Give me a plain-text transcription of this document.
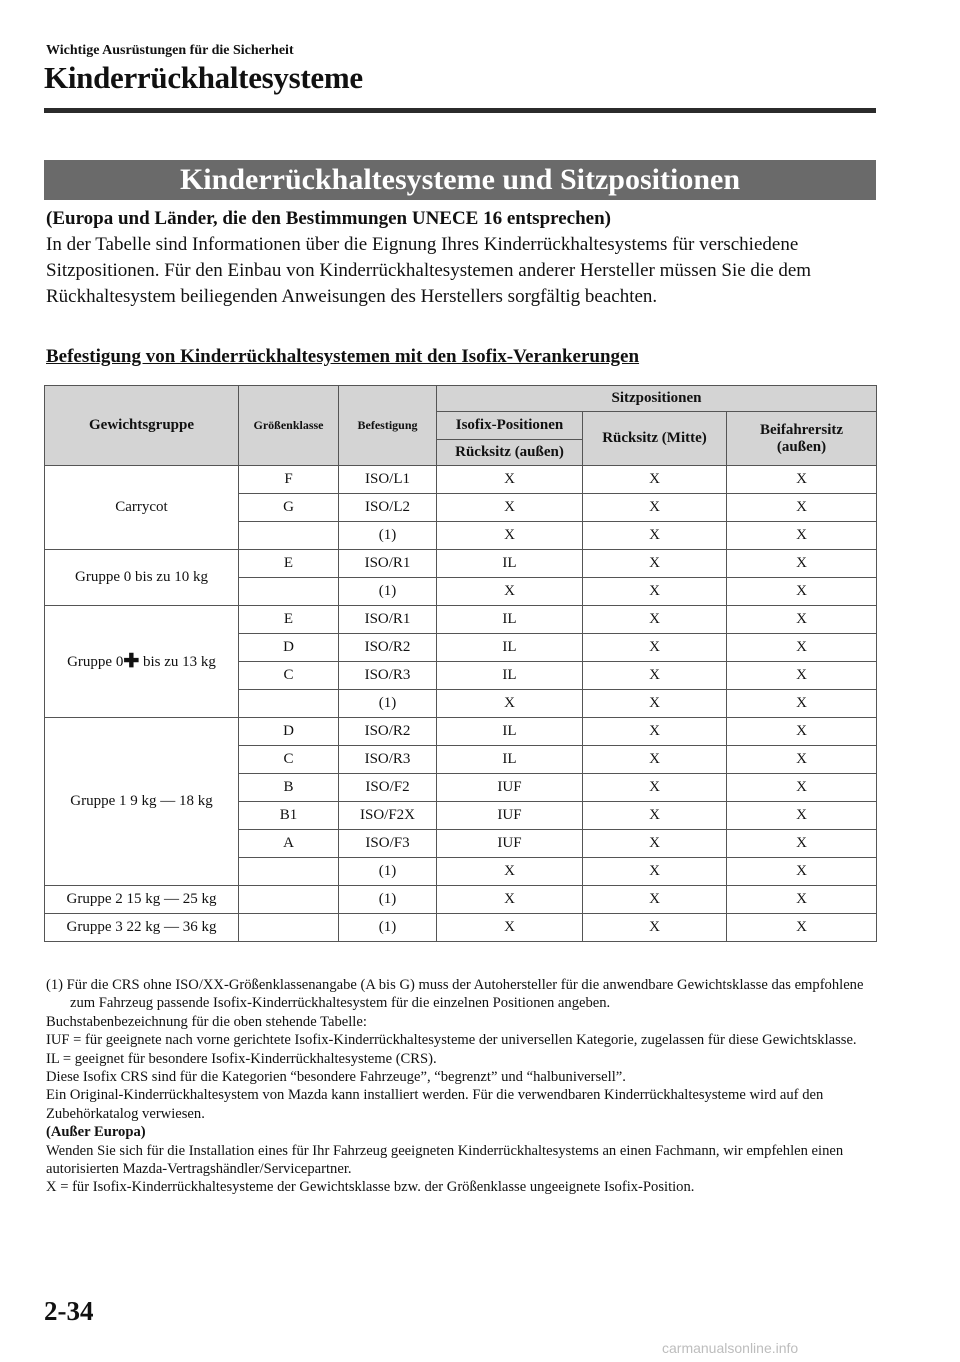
Wichtige Ausrüstungen für die Sicherheit
Kinderrückhaltesysteme
Kinderrückhaltesysteme und Sitzpositionen
(Europa und Länder, die den Bestimmungen UNECE 16 entsprechen)
In der Tabelle sind Informationen über die Eignung Ihres Kinderrückhaltesystems für verschiedene Sitzpositionen. Für den Einbau von Kinderrückhaltesystemen anderer Hersteller müssen Sie die dem Rückhaltesystem beiliegenden Anweisungen des Herstellers sorgfältig beachten.
Befestigung von Kinderrückhaltesystemen mit den Isofix-Verankerungen
Gewichtsgruppe	Größenklasse	Befestigung	Sitzpositionen		
			Isofix-Positionen	Rücksitz (Mitte)	Beifahrersitz
(außen)
			Rücksitz (außen)		
Carrycot	F	ISO/L1	X	X	X
	G	ISO/L2	X	X	X
		(1)	X	X	X
Gruppe 0 bis zu 10 kg	E	ISO/R1	IL	X	X
		(1)	X	X	X
Gruppe 0✚ bis zu 13 kg	E	ISO/R1	IL	X	X
	D	ISO/R2	IL	X	X
	C	ISO/R3	IL	X	X
		(1)	X	X	X
Gruppe 1 9 kg — 18 kg	D	ISO/R2	IL	X	X
	C	ISO/R3	IL	X	X
	B	ISO/F2	IUF	X	X
	B1	ISO/F2X	IUF	X	X
	A	ISO/F3	IUF	X	X
		(1)	X	X	X
Gruppe 2 15 kg — 25 kg		(1)	X	X	X
Gruppe 3 22 kg — 36 kg		(1)	X	X	X

(1) Für die CRS ohne ISO/XX-Größenklassenangabe (A bis G) muss der Autohersteller für die anwendbare Gewichtsklasse das empfohlene zum Fahrzeug passende Isofix-Kinderrückhaltesystem für die einzelnen Positionen angeben.

Buchstabenbezeichnung für die oben stehende Tabelle:

IUF = für geeignete nach vorne gerichtete Isofix-Kinderrückhaltesysteme der universellen Kategorie, zugelassen für diese Gewichtsklasse.

IL = geeignet für besondere Isofix-Kinderrückhaltesysteme (CRS).

Diese Isofix CRS sind für die Kategorien “besondere Fahrzeuge”, “begrenzt” und “halbuniversell”.

Ein Original-Kinderrückhaltesystem von Mazda kann installiert werden. Für die verwendbaren Kinderrückhaltesysteme wird auf den Zubehörkatalog verwiesen.

(Außer Europa)

Wenden Sie sich für die Installation eines für Ihr Fahrzeug geeigneten Kinderrückhaltesystems an einen Fachmann, wir empfehlen einen autorisierten Mazda-Vertragshändler/Servicepartner.

X = für Isofix-Kinderrückhaltesysteme der Gewichtsklasse bzw. der Größenklasse ungeeignete Isofix-Position.

2-34
carmanualsonline.info
